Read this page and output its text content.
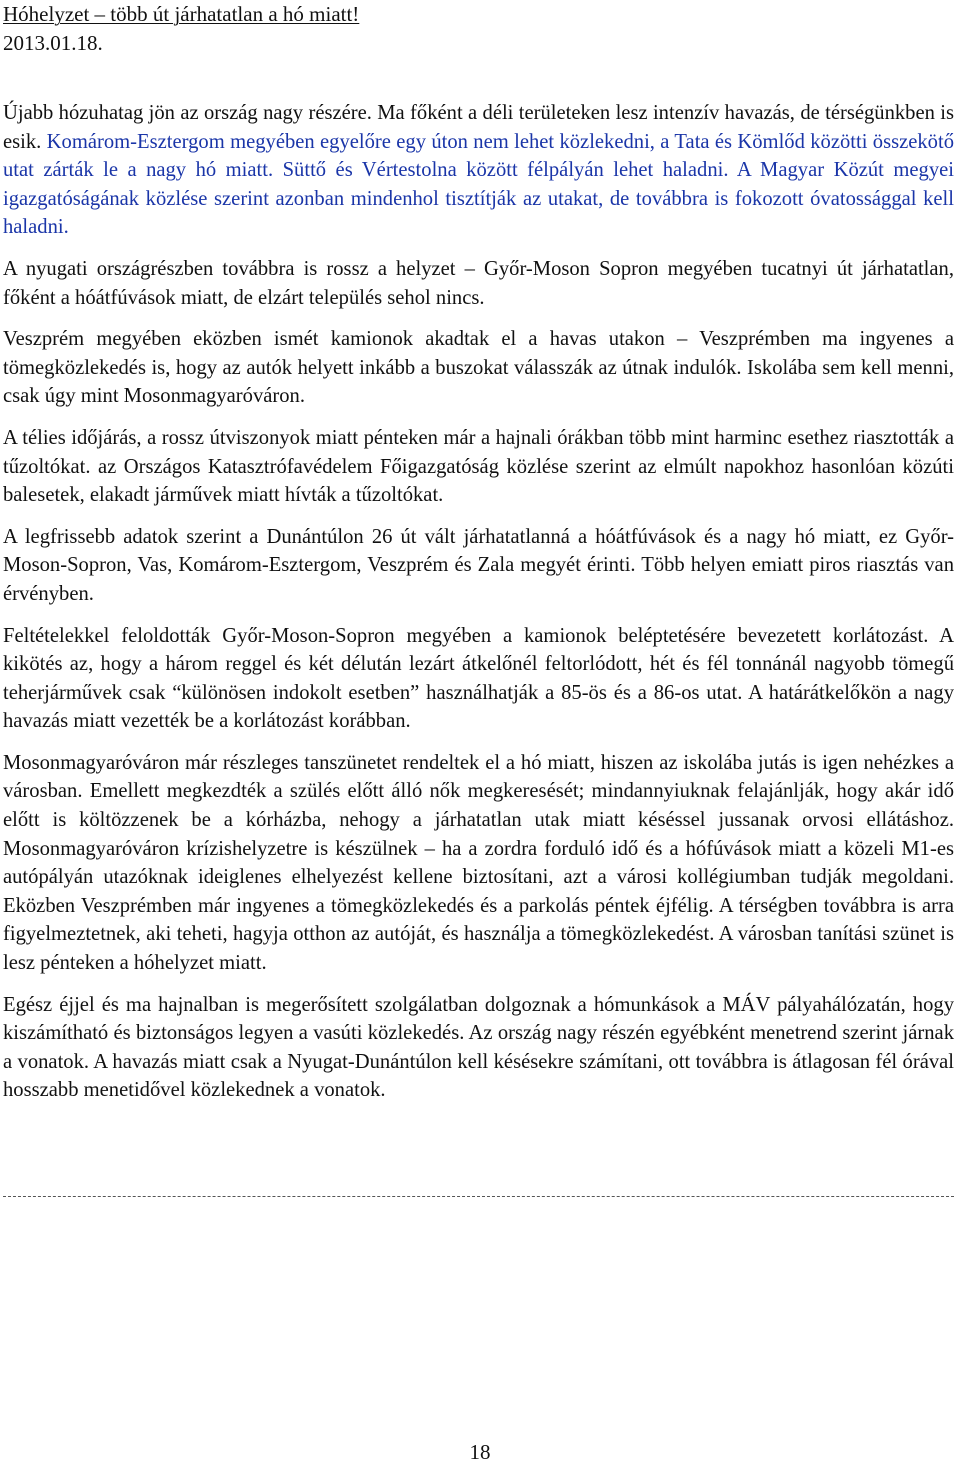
Hóhelyzet – több út járhatatlan a hó miatt!
2013.01.18.

Újabb hózuhatag jön az ország nagy részére. Ma főként a déli területeken lesz intenzív havazás, de térségünkben is esik. Komárom-Esztergom megyében egyelőre egy úton nem lehet közlekedni, a Tata és Kömlőd közötti összekötő utat zárták le a nagy hó miatt. Süttő és Vértestolna között félpályán lehet haladni. A Magyar Közút megyei igazgatóságának közlése szerint azonban mindenhol tisztítják az utakat, de továbbra is fokozott óvatossággal kell haladni.

A nyugati országrészben továbbra is rossz a helyzet – Győr-Moson Sopron megyében tucatnyi út járhatatlan, főként a hóátfúvások miatt, de elzárt település sehol nincs.

Veszprém megyében eközben ismét kamionok akadtak el a havas utakon – Veszprémben ma ingyenes a tömegközlekedés is, hogy az autók helyett inkább a buszokat válasszák az útnak indulók. Iskolába sem kell menni, csak úgy mint Mosonmagyaróváron.

A télies időjárás, a rossz útviszonyok miatt pénteken már a hajnali órákban több mint harminc esethez riasztották a tűzoltókat. az Országos Katasztrófavédelem Főigazgatóság közlése szerint az elmúlt napokhoz hasonlóan közúti balesetek, elakadt járművek miatt hívták a tűzoltókat.

A legfrissebb adatok szerint a Dunántúlon 26 út vált járhatatlanná a hóátfúvások és a nagy hó miatt, ez Győr-Moson-Sopron, Vas, Komárom-Esztergom, Veszprém és Zala megyét érinti. Több helyen emiatt piros riasztás van érvényben.

Feltételekkel feloldották Győr-Moson-Sopron megyében a kamionok beléptetésére bevezetett korlátozást. A kikötés az, hogy a három reggel és két délután lezárt átkelőnél feltorlódott, hét és fél tonnánál nagyobb tömegű teherjárművek csak “különösen indokolt esetben” használhatják a 85-ös és a 86-os utat. A határátkelőkön a nagy havazás miatt vezették be a korlátozást korábban.

Mosonmagyaróváron már részleges tanszünetet rendeltek el a hó miatt, hiszen az iskolába jutás is igen nehézkes a városban. Emellett megkezdték a szülés előtt álló nők megkeresését; mindannyiuknak felajánlják, hogy akár idő előtt is költözzenek be a kórházba, nehogy a járhatatlan utak miatt késéssel jussanak orvosi ellátáshoz. Mosonmagyaróváron krízishelyzetre is készülnek – ha a zordra forduló idő és a hófúvások miatt a közeli M1-es autópályán utazóknak ideiglenes elhelyezést kellene biztosítani, azt a városi kollégiumban tudják megoldani. Eközben Veszprémben már ingyenes a tömegközlekedés és a parkolás péntek éjfélig. A térségben továbbra is arra figyelmeztetnek, aki teheti, hagyja otthon az autóját, és használja a tömegközlekedést. A városban tanítási szünet is lesz pénteken a hóhelyzet miatt.

Egész éjjel és ma hajnalban is megerősített szolgálatban dolgoznak a hómunkások a MÁV pályahálózatán, hogy kiszámítható és biztonságos legyen a vasúti közlekedés. Az ország nagy részén egyébként menetrend szerint járnak a vonatok. A havazás miatt csak a Nyugat-Dunántúlon kell késésekre számítani, ott továbbra is átlagosan fél órával hosszabb menetidővel közlekednek a vonatok.

18
